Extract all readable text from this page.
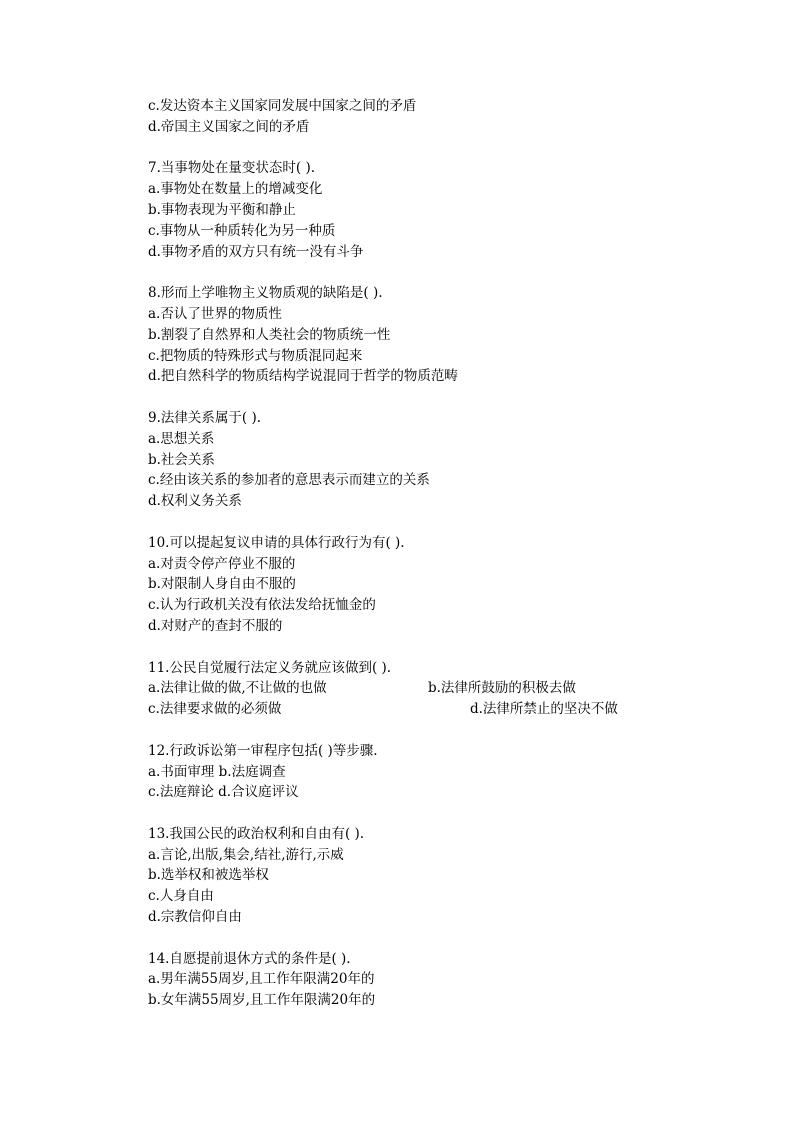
c.发达资本主义国家同发展中国家之间的矛盾
d.帝国主义国家之间的矛盾
7.当事物处在量变状态时( ).
a.事物处在数量上的增减变化
b.事物表现为平衡和静止
c.事物从一种质转化为另一种质
d.事物矛盾的双方只有统一没有斗争
8.形而上学唯物主义物质观的缺陷是( ).
a.否认了世界的物质性
b.割裂了自然界和人类社会的物质统一性
c.把物质的特殊形式与物质混同起来
d.把自然科学的物质结构学说混同于哲学的物质范畴
9.法律关系属于( ).
a.思想关系
b.社会关系
c.经由该关系的参加者的意思表示而建立的关系
d.权利义务关系
10.可以提起复议申请的具体行政行为有( ).
a.对责令停产停业不服的
b.对限制人身自由不服的
c.认为行政机关没有依法发给抚恤金的
d.对财产的查封不服的
11.公民自觉履行法定义务就应该做到( ).
a.法律让做的做,不让做的也做	b.法律所鼓励的积极去做
c.法律要求做的必须做	d.法律所禁止的坚决不做
12.行政诉讼第一审程序包括( )等步骤.
a.书面审理 b.法庭调查
c.法庭辩论 d.合议庭评议
13.我国公民的政治权利和自由有( ).
a.言论,出版,集会,结社,游行,示威
b.选举权和被选举权
c.人身自由
d.宗教信仰自由
14.自愿提前退休方式的条件是( ).
a.男年满55周岁,且工作年限满20年的
b.女年满55周岁,且工作年限满20年的
